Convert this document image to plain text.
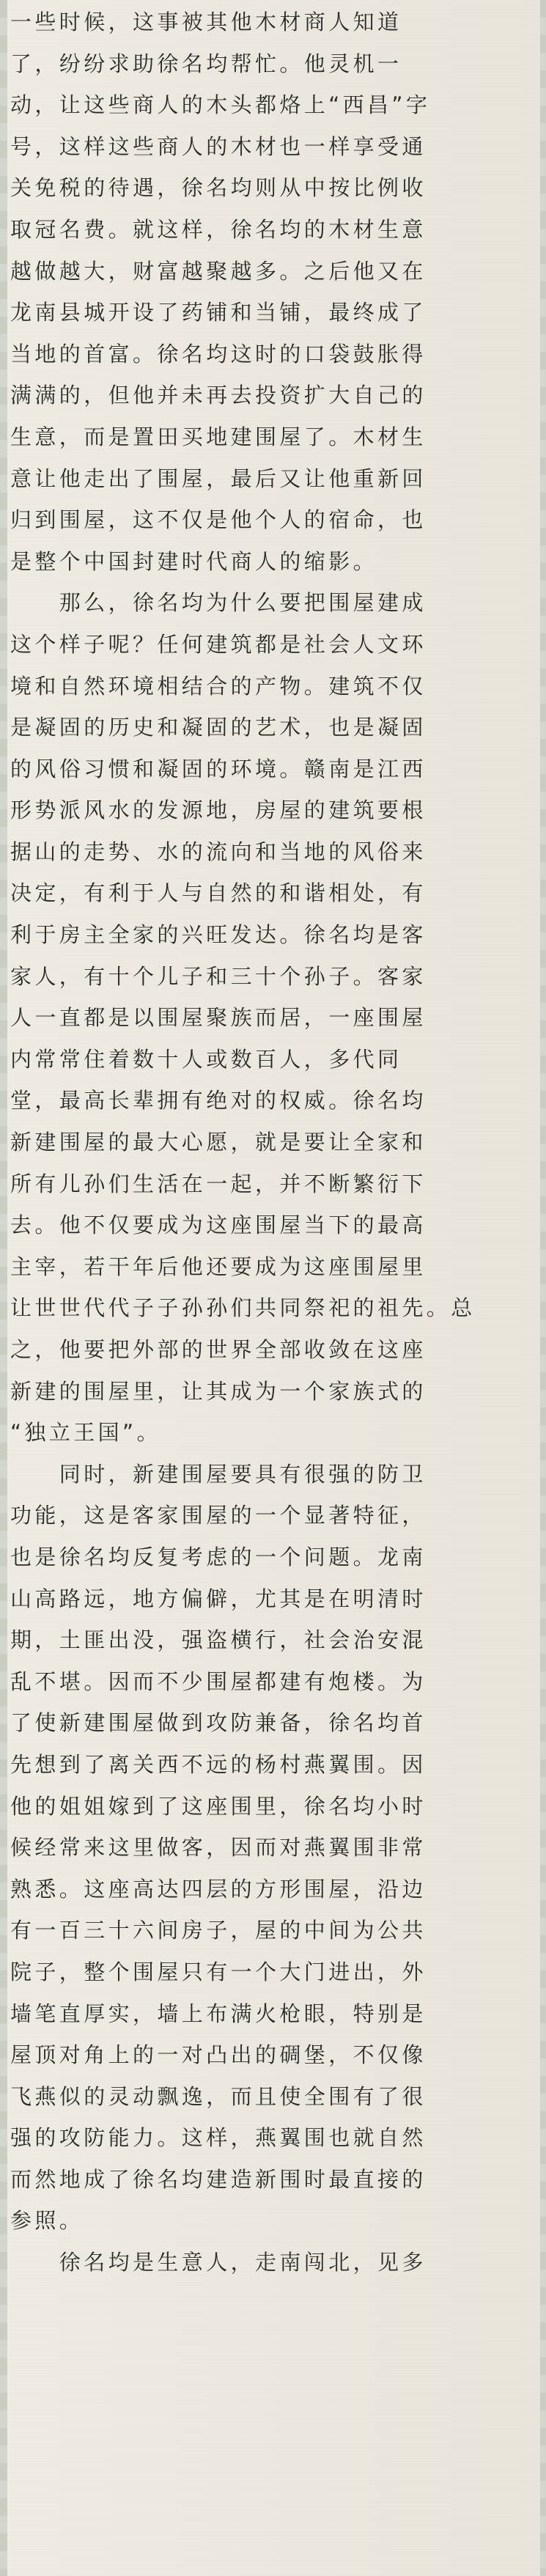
一些时候，这事被其他木材商人知道
了，纷纷求助徐名均帮忙。他灵机一
动，让这些商人的木头都烙上“西昌”字
号，这样这些商人的木材也一样享受通
关免税的待遇，徐名均则从中按比例收
取冠名费。就这样，徐名均的木材生意
越做越大，财富越聚越多。之后他又在
龙南县城开设了药铺和当铺，最终成了
当地的首富。徐名均这时的口袋鼓胀得
满满的，但他并未再去投资扩大自己的
生意，而是置田买地建围屋了。木材生
意让他走出了围屋，最后又让他重新回
归到围屋，这不仅是他个人的宿命，也
是整个中国封建时代商人的缩影。
　　那么，徐名均为什么要把围屋建成
这个样子呢？任何建筑都是社会人文环
境和自然环境相结合的产物。建筑不仅
是凝固的历史和凝固的艺术，也是凝固
的风俗习惯和凝固的环境。赣南是江西
形势派风水的发源地，房屋的建筑要根
据山的走势、水的流向和当地的风俗来
决定，有利于人与自然的和谐相处，有
利于房主全家的兴旺发达。徐名均是客
家人，有十个儿子和三十个孙子。客家
人一直都是以围屋聚族而居，一座围屋
内常常住着数十人或数百人，多代同
堂，最高长辈拥有绝对的权威。徐名均
新建围屋的最大心愿，就是要让全家和
所有儿孙们生活在一起，并不断繁衍下
去。他不仅要成为这座围屋当下的最高
主宰，若干年后他还要成为这座围屋里
让世世代代子子孙孙们共同祭祀的祖先。总
之，他要把外部的世界全部收敛在这座
新建的围屋里，让其成为一个家族式的
“独立王国”。
　　同时，新建围屋要具有很强的防卫
功能，这是客家围屋的一个显著特征，
也是徐名均反复考虑的一个问题。龙南
山高路远，地方偏僻，尤其是在明清时
期，土匪出没，强盗横行，社会治安混
乱不堪。因而不少围屋都建有炮楼。为
了使新建围屋做到攻防兼备，徐名均首
先想到了离关西不远的杨村燕翼围。因
他的姐姐嫁到了这座围里，徐名均小时
候经常来这里做客，因而对燕翼围非常
熟悉。这座高达四层的方形围屋，沿边
有一百三十六间房子，屋的中间为公共
院子，整个围屋只有一个大门进出，外
墙笔直厚实，墙上布满火枪眼，特别是
屋顶对角上的一对凸出的碉堡，不仅像
飞燕似的灵动飘逸，而且使全围有了很
强的攻防能力。这样，燕翼围也就自然
而然地成了徐名均建造新围时最直接的
参照。
　　徐名均是生意人，走南闯北，见多
